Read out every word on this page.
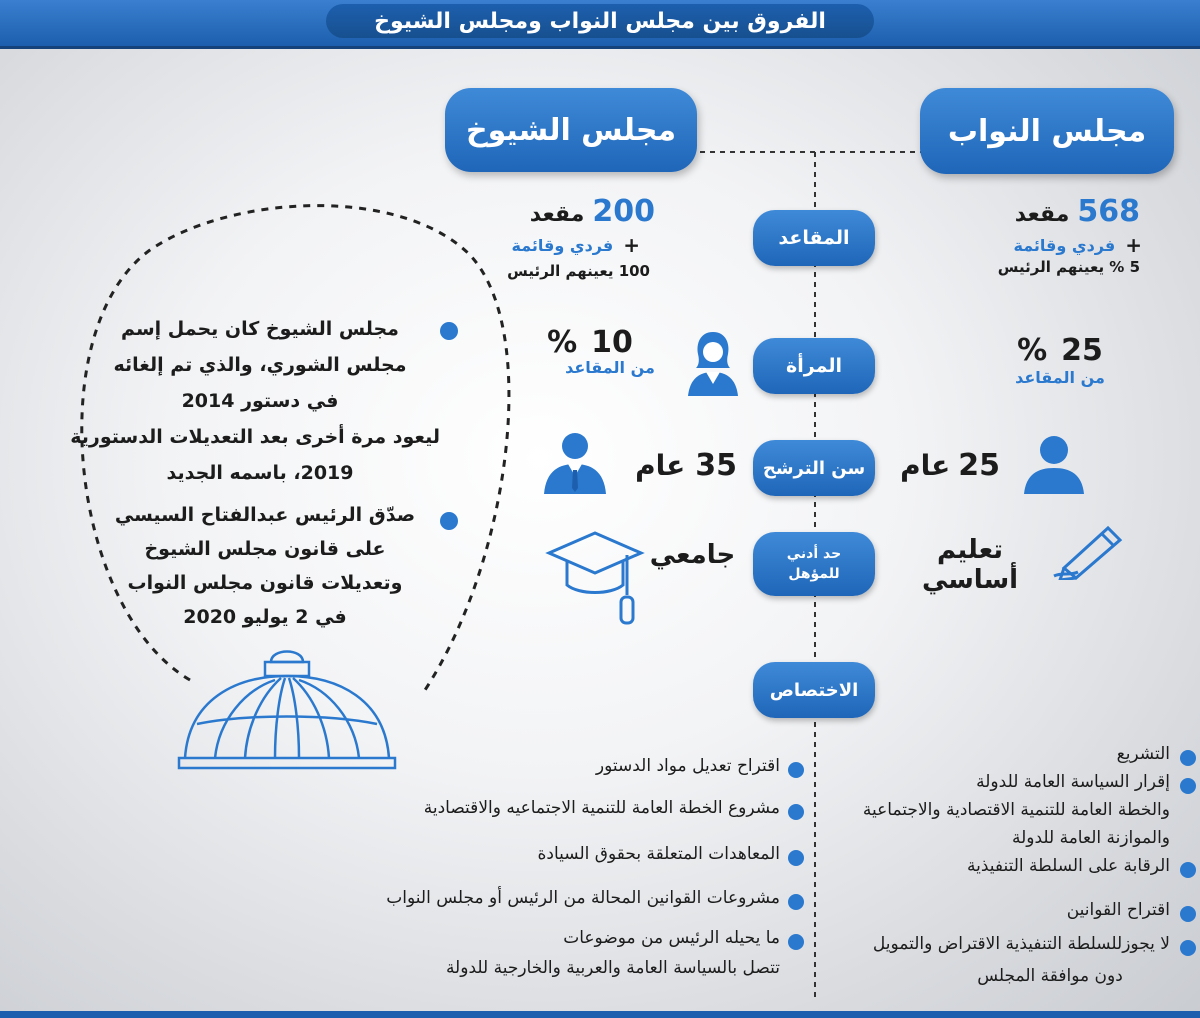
الفروق بين مجلس النواب ومجلس الشيوخ
مجلس الشيوخ	مجلس النواب
المقاعد
المرأة
سن الترشح
حد أدني للمؤهل
الاختصاص
568
مقعد
+
فردي وقائمة
5 % يعينهم الرئيس
25
%
من المقاعد
25
عام
تعليم أساسي
200
مقعد
+
فردي وقائمة
100 يعينهم الرئيس
10
%
من المقاعد
35
عام
جامعي
مجلس الشيوخ كان يحمل إسم
مجلس الشوري، والذي تم إلغائه
في دستور 2014
ليعود مرة أخرى بعد التعديلات الدستورية
2019، باسمه الجديد
صدّق الرئيس عبدالفتاح السيسي
على قانون مجلس الشيوخ
وتعديلات قانون مجلس النواب
في 2 يوليو 2020
التشريع
إقرار السياسة العامة للدولة
والخطة العامة للتنمية الاقتصادية والاجتماعية
والموازنة العامة للدولة
الرقابة على السلطة التنفيذية
اقتراح القوانين
لا يجوزللسلطة التنفيذية الاقتراض والتمويل
دون موافقة المجلس
اقتراح تعديل مواد الدستور
مشروع الخطة العامة للتنمية الاجتماعيه والاقتصادية
المعاهدات المتعلقة بحقوق السيادة
مشروعات القوانين المحالة من الرئيس أو مجلس النواب
ما يحيله الرئيس من موضوعات
تتصل بالسياسة العامة والعربية والخارجية للدولة
